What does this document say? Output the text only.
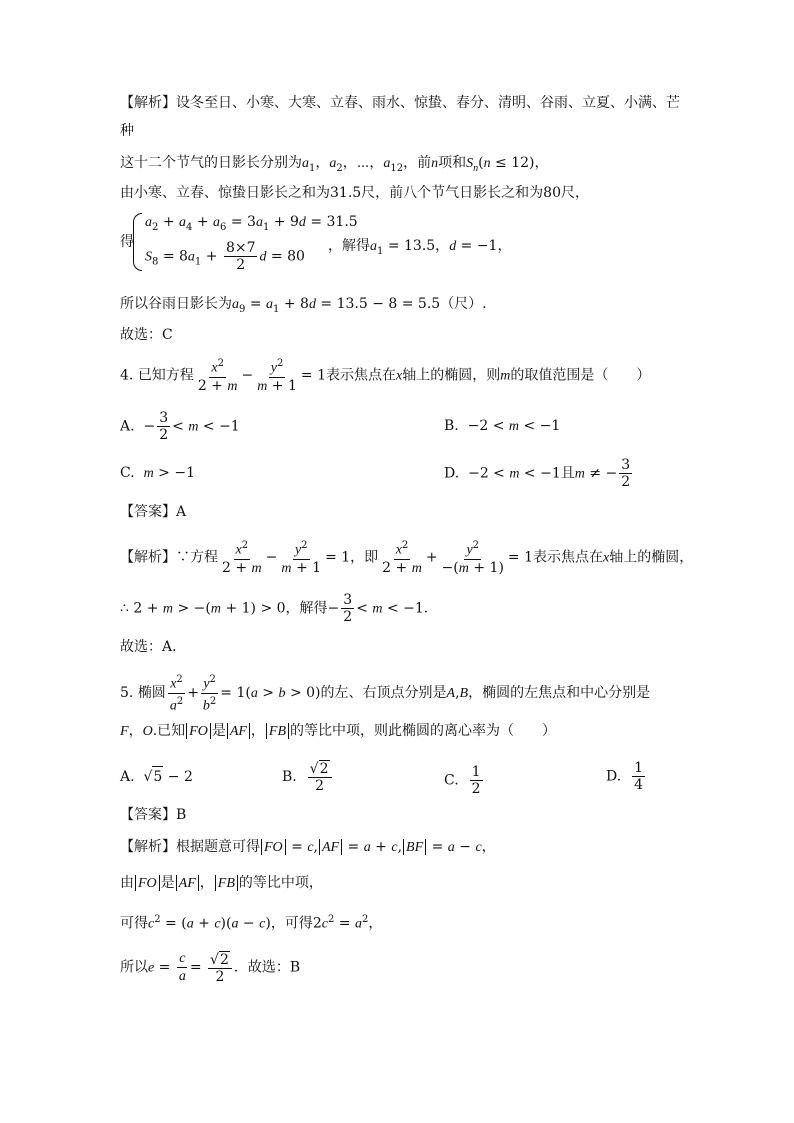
【解析】设冬至日、小寒、大寒、立春、雨水、惊蛰、春分、清明、谷雨、立夏、小满、芒
种
这十二个节气的日影长分别为$a_1$，$a_2$，⋯，$a_{12}$，前n项和$S_n(n \le 12)$，
由小寒、立春、惊蛰日影长之和为31.5尺，前八个节气日影长之和为80尺，
得
$a_2 + a_4 + a_6 = 3a_1 + 9d = 31.5$
$S_8 = 8a_1 + \frac{8\times 7}{2}$ d = 80
，解得$a_1 = 13.5$，d = −1，
所以谷雨日影长为$a_9 = a_1 + 8d = 13.5 - 8 = 5.5$（尺）.
故选：C
4. 已知方程 $\frac{x^2}{2 + m} - \frac{y^2}{m + 1} = 1$表示焦点在x轴上的椭圆，则m的取值范围是（　　）
A.  − $\frac{3}{2} < m < -1$	B.  −2 < m < −1
C. m > −1	D.  −2 < m < −1且m ≠ − $\frac{3}{2}$
【答案】A
【解析】∵方程 $\frac{x^2}{2 + m} - \frac{y^2}{m + 1} = 1$，即 $\frac{x^2}{2 + m} + \frac{y^2}{-(m + 1)} = 1$表示焦点在x轴上的椭圆，
∴ 2 + m > −(m + 1) > 0，解得− $\frac{3}{2} < m < -1$．
故选：A．
5. 椭圆 $\frac{x^2}{a^2} + \frac{y^2}{b^2} = 1(a > b > 0)$的左、右顶点分别是A,B，椭圆的左焦点和中心分别是
F，O.已知 FO 是 AF ， FB 的等比中项，则此椭圆的离心率为（　　）
A.  √5 − 2	B. $\frac{√2}{2}$	C. $\frac{1}{2}$	D. $\frac{1}{4}$
【答案】B
【解析】根据题意可得 FO = c, AF = a + c, BF = a − c，
由 FO 是 AF ， FB 的等比中项，
可得$c^2 = (a + c)(a - c)$，可得$2c^2 = a^2$，
所以$e = \frac{c}{a} = \frac{√2}{2}$ ．故选：B
